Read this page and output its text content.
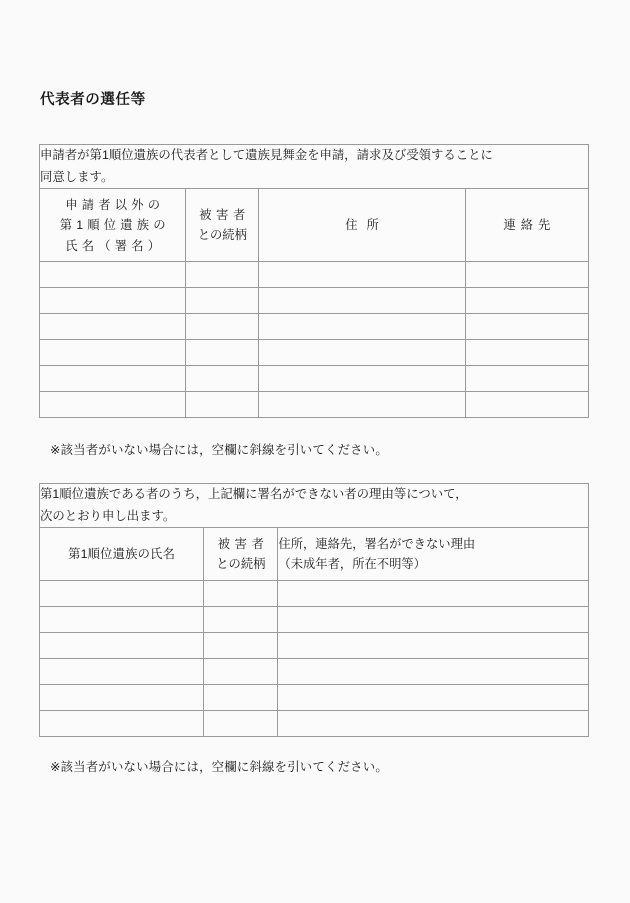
代表者の選任等
申請者が第1順位遺族の代表者として遺族見舞金を申請，請求及び受領することに
同意します。			

申請者以外の
第1順位遺族の
氏名（署名）	被害者
との続柄	住所	連絡先

※該当者がいない場合には，空欄に斜線を引いてください。
第1順位遺族である者のうち，上記欄に署名ができない者の理由等について，
次のとおり申し出ます。		

第1順位遺族の氏名	被害者
との続柄	住所，連絡先，署名ができない理由
（未成年者，所在不明等）

※該当者がいない場合には，空欄に斜線を引いてください。
